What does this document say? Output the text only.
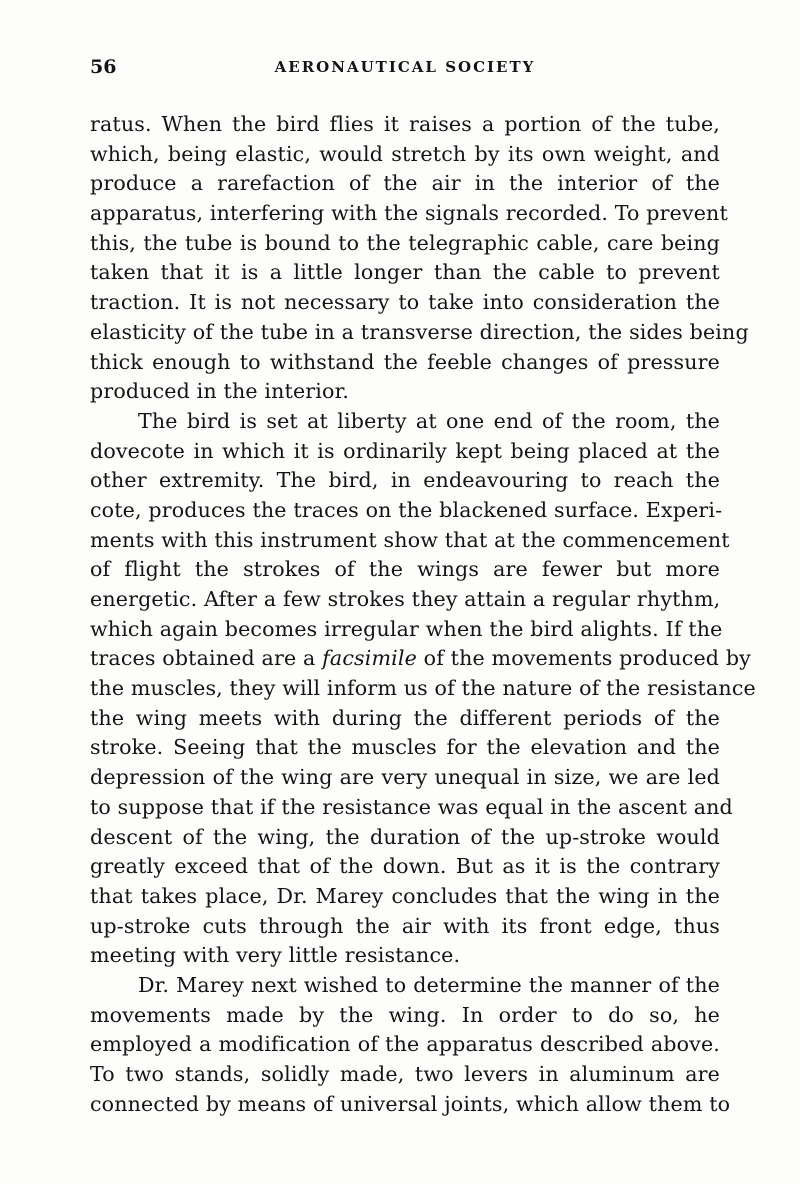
56	AERONAUTICAL SOCIETY
ratus. When the bird flies it raises a portion of the tube,
which, being elastic, would stretch by its own weight, and
produce a rarefaction of the air in the interior of the
apparatus, interfering with the signals recorded. To prevent
this, the tube is bound to the telegraphic cable, care being
taken that it is a little longer than the cable to prevent
traction. It is not necessary to take into consideration the
elasticity of the tube in a transverse direction, the sides being
thick enough to withstand the feeble changes of pressure
produced in the interior.
The bird is set at liberty at one end of the room, the
dovecote in which it is ordinarily kept being placed at the
other extremity. The bird, in endeavouring to reach the
cote, produces the traces on the blackened surface. Experi-
ments with this instrument show that at the commencement
of flight the strokes of the wings are fewer but more
energetic. After a few strokes they attain a regular rhythm,
which again becomes irregular when the bird alights. If the
traces obtained are a facsimile of the movements produced by
the muscles, they will inform us of the nature of the resistance
the wing meets with during the different periods of the
stroke. Seeing that the muscles for the elevation and the
depression of the wing are very unequal in size, we are led
to suppose that if the resistance was equal in the ascent and
descent of the wing, the duration of the up-stroke would
greatly exceed that of the down. But as it is the contrary
that takes place, Dr. Marey concludes that the wing in the
up-stroke cuts through the air with its front edge, thus
meeting with very little resistance.
Dr. Marey next wished to determine the manner of the
movements made by the wing. In order to do so, he
employed a modification of the apparatus described above.
To two stands, solidly made, two levers in aluminum are
connected by means of universal joints, which allow them to
